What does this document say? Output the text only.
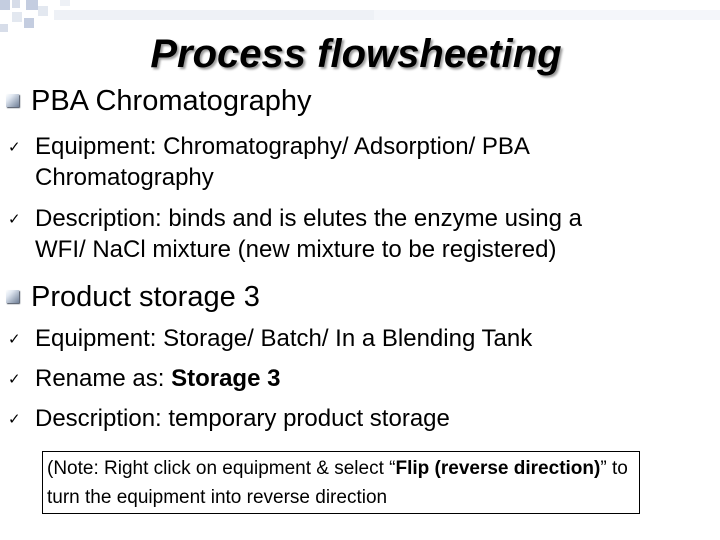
Process flowsheeting
PBA Chromatography
✓ Equipment: Chromatography/ Adsorption/ PBA
Chromatography
✓ Description: binds and is elutes the enzyme using a
WFI/ NaCl mixture (new mixture to be registered)
Product storage 3
✓ Equipment: Storage/ Batch/ In a Blending Tank
✓ Rename as: Storage 3
✓ Description: temporary product storage
(Note: Right click on equipment & select “Flip (reverse direction)” to turn the equipment into reverse direction
